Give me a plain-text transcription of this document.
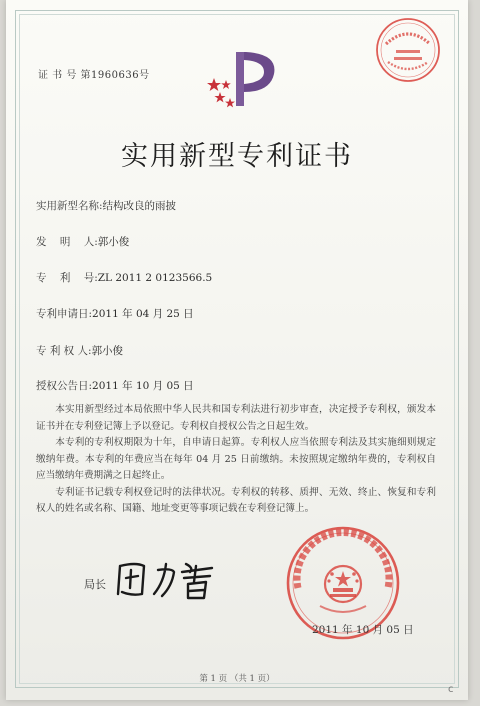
证 书 号 第1960636号
实用新型专利证书
实用新型名称:结构改良的雨披
发    明    人:郭小俊
专    利    号:ZL 2011 2 0123566.5
专利申请日:2011 年 04 月 25 日
专 利 权 人:郭小俊
授权公告日:2011 年 10 月 05 日

本实用新型经过本局依照中华人民共和国专利法进行初步审查，决定授予专利权，颁发本证书并在专利登记簿上予以登记。专利权自授权公告之日起生效。

本专利的专利权期限为十年，自申请日起算。专利权人应当依照专利法及其实施细则规定缴纳年费。本专利的年费应当在每年 04 月 25 日前缴纳。未按照规定缴纳年费的，专利权自应当缴纳年费期满之日起终止。

专利证书记载专利权登记时的法律状况。专利权的转移、质押、无效、终止、恢复和专利权人的姓名或名称、国籍、地址变更等事项记载在专利登记簿上。

局长
2011 年 10 月 05 日
第 1 页 （共 1 页）
c
